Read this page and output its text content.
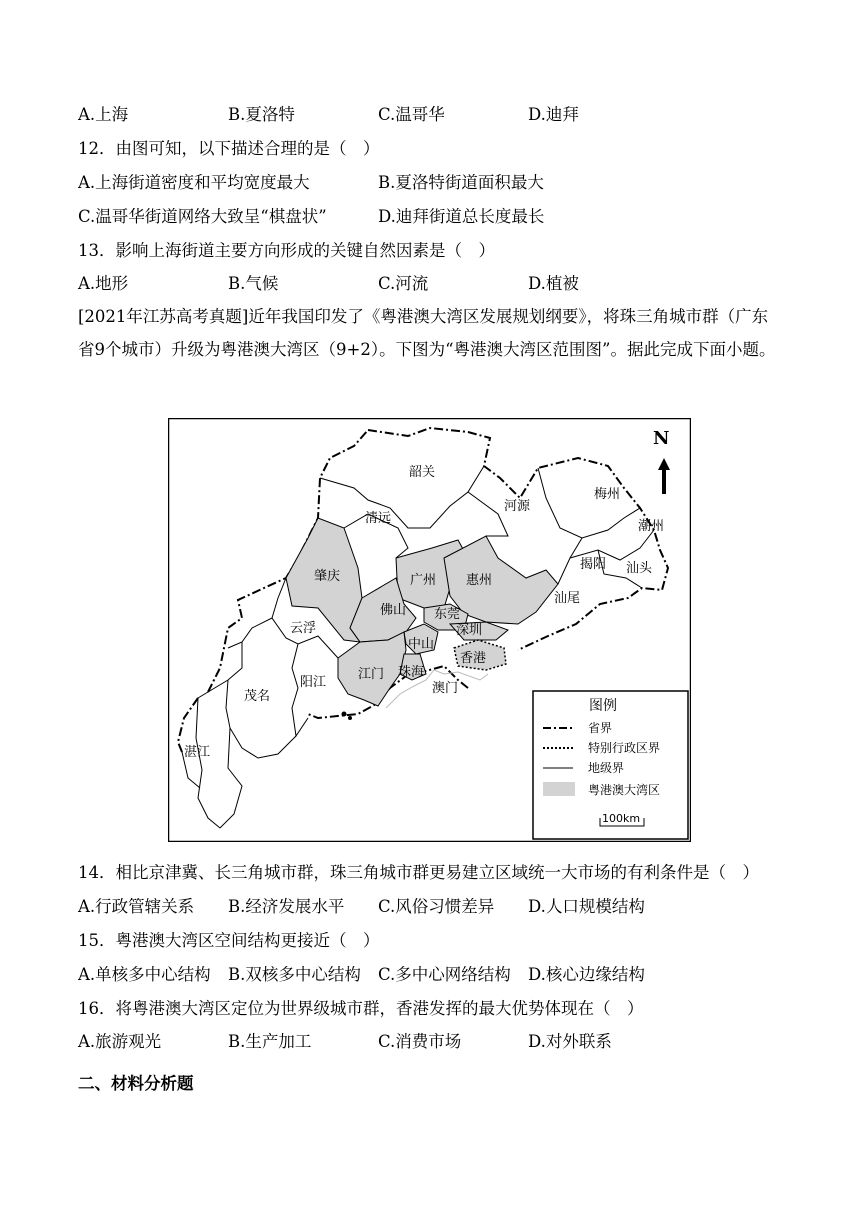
A.上海	B.夏洛特	C.温哥华	D.迪拜
12．由图可知，以下描述合理的是（　）
A.上海街道密度和平均宽度最大	B.夏洛特街道面积最大
C.温哥华街道网络大致呈“棋盘状”	D.迪拜街道总长度最长
13．影响上海街道主要方向形成的关键自然因素是（　）
A.地形	B.气候	C.河流	D.植被
[2021年江苏高考真题]近年我国印发了《粤港澳大湾区发展规划纲要》，将珠三角城市群（广东省9个城市）升级为粤港澳大湾区（9+2）。下图为“粤港澳大湾区范围图”。据此完成下面小题。
韶关
清远
河源
梅州
潮州
揭阳 汕头
汕尾
肇庆	广州 惠州
佛山 东莞
深圳
云浮
中山
香港
江门 珠海
澳门
茂名
阳江
湛江
N
图例
省界
特别行政区界
地级界
粤港澳大湾区
100km
14．相比京津冀、长三角城市群，珠三角城市群更易建立区域统一大市场的有利条件是（　）
A.行政管辖关系 B.经济发展水平 C.风俗习惯差异 D.人口规模结构
15．粤港澳大湾区空间结构更接近（　）
A.单核多中心结构 B.双核多中心结构 C.多中心网络结构 D.核心边缘结构
16．将粤港澳大湾区定位为世界级城市群，香港发挥的最大优势体现在（　）
A.旅游观光	B.生产加工	C.消费市场	D.对外联系
二、材料分析题
